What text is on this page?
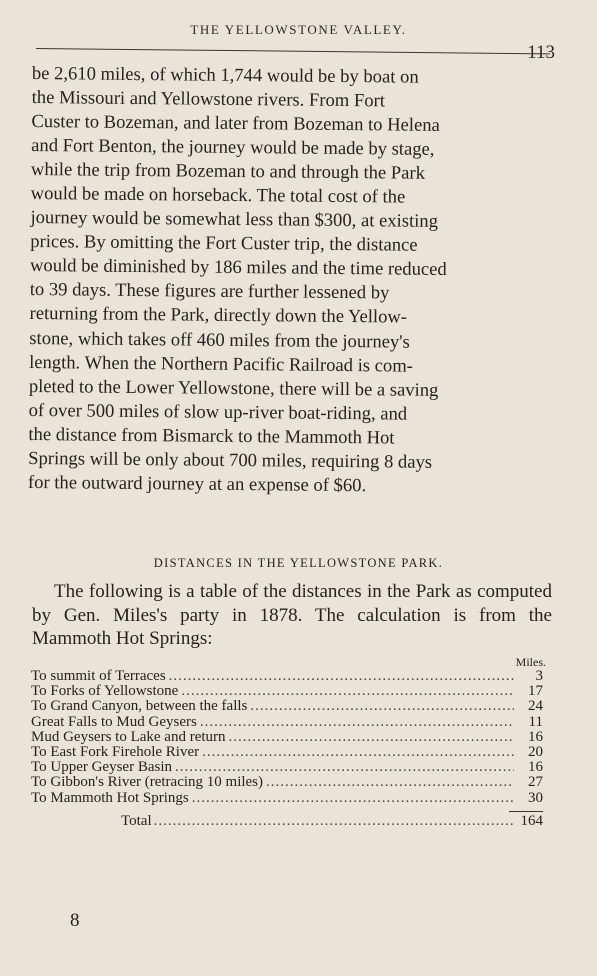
THE YELLOWSTONE VALLEY.
113

be 2,610 miles, of which 1,744 would be by boat on

the Missouri and Yellowstone rivers. From Fort

Custer to Bozeman, and later from Bozeman to Helena

and Fort Benton, the journey would be made by stage,

while the trip from Bozeman to and through the Park

would be made on horseback. The total cost of the

journey would be somewhat less than $300, at existing

prices. By omitting the Fort Custer trip, the distance

would be diminished by 186 miles and the time reduced

to 39 days. These figures are further lessened by

returning from the Park, directly down the Yellow-

stone, which takes off 460 miles from the journey's

length. When the Northern Pacific Railroad is com-

pleted to the Lower Yellowstone, there will be a saving

of over 500 miles of slow up-river boat-riding, and

the distance from Bismarck to the Mammoth Hot

Springs will be only about 700 miles, requiring 8 days

for the outward journey at an expense of $60.

DISTANCES IN THE YELLOWSTONE PARK.

The following is a table of the distances in the Park as computed by Gen. Miles's party in 1878. The calculation is from the Mammoth Hot Springs:

Miles.
To summit of Terraces .....	3
To Forks of Yellowstone .....	17
To Grand Canyon, between the falls .....	24
Great Falls to Mud Geysers .....	11
Mud Geysers to Lake and return .....	16
To East Fork Firehole River .....	20
To Upper Geyser Basin .....	16
To Gibbon's River (retracing 10 miles) .....	27
To Mammoth Hot Springs .....	30
Total .....	164
8
